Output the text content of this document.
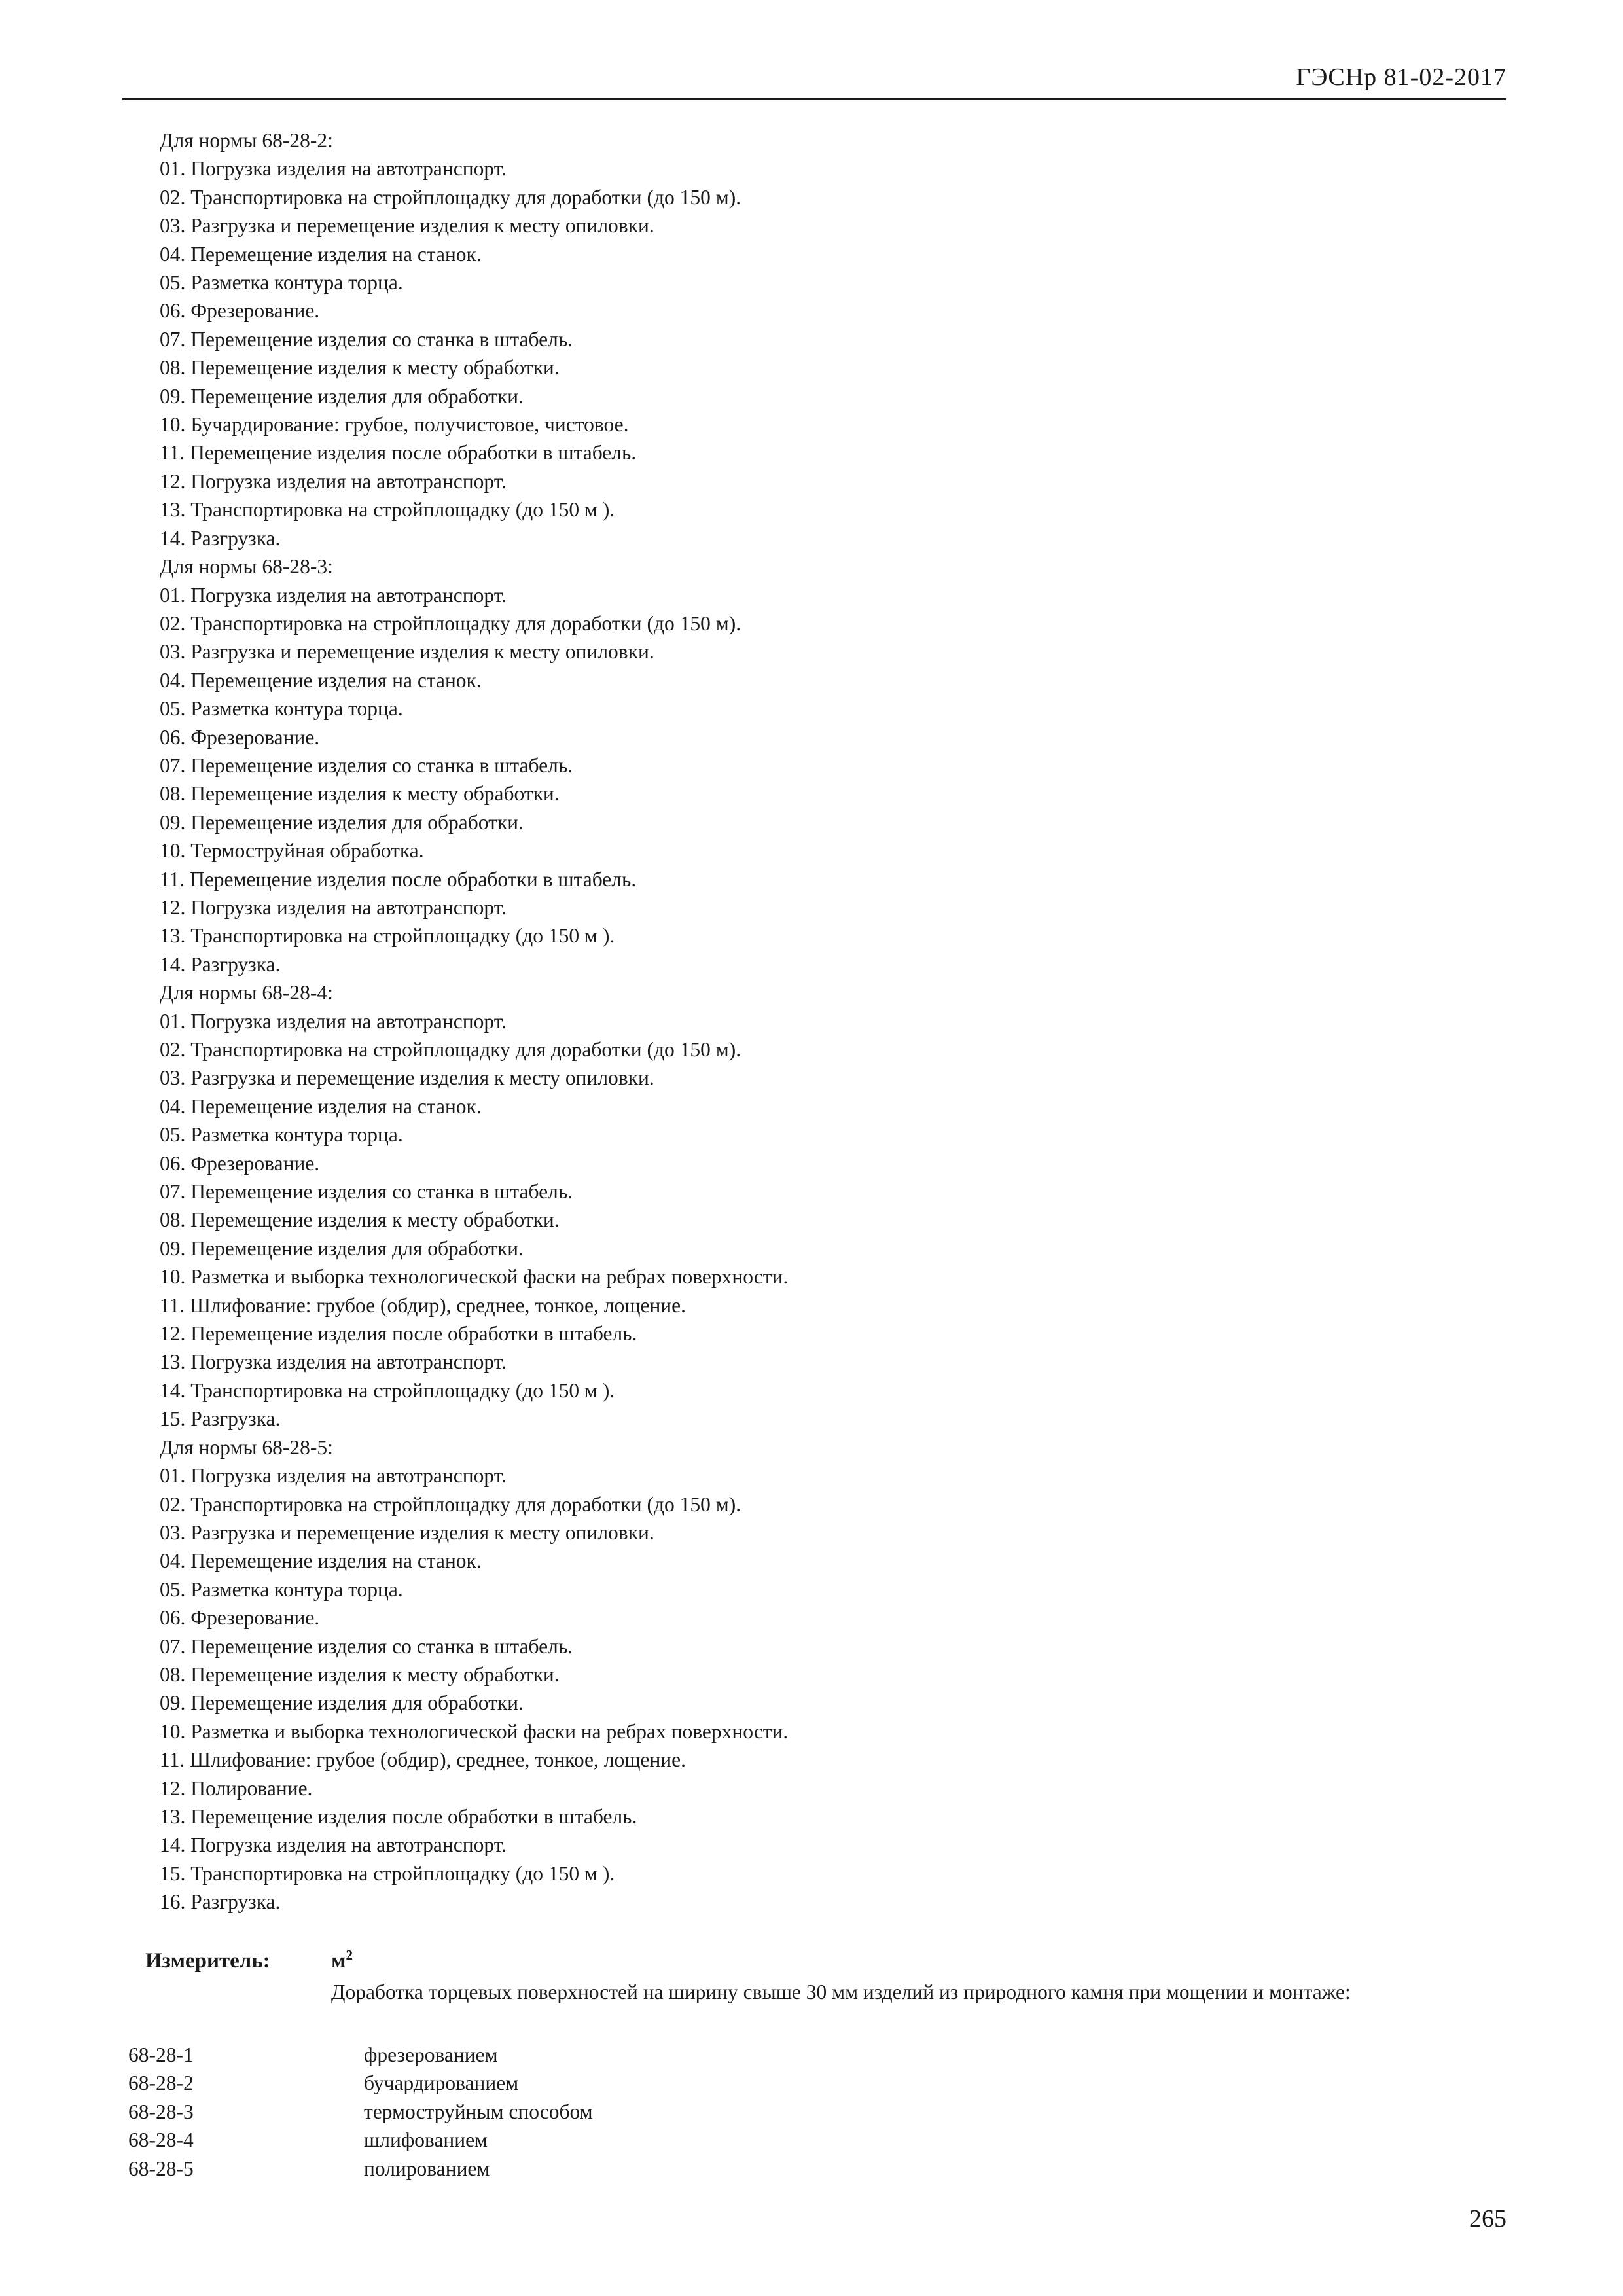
ГЭСНр 81-02-2017
Для нормы 68-28-2:
01. Погрузка изделия на автотранспорт.
02. Транспортировка на стройплощадку для доработки (до 150 м).
03. Разгрузка и перемещение изделия к месту опиловки.
04. Перемещение изделия на станок.
05. Разметка контура торца.
06. Фрезерование.
07. Перемещение изделия со станка в штабель.
08. Перемещение изделия к месту обработки.
09. Перемещение изделия для обработки.
10. Бучардирование: грубое, получистовое, чистовое.
11. Перемещение изделия после обработки в штабель.
12. Погрузка изделия на автотранспорт.
13. Транспортировка на стройплощадку (до 150 м ).
14. Разгрузка.
Для нормы 68-28-3:
01. Погрузка изделия на автотранспорт.
02. Транспортировка на стройплощадку для доработки (до 150 м).
03. Разгрузка и перемещение изделия к месту опиловки.
04. Перемещение изделия на станок.
05. Разметка контура торца.
06. Фрезерование.
07. Перемещение изделия со станка в штабель.
08. Перемещение изделия к месту обработки.
09. Перемещение изделия для обработки.
10. Термоструйная обработка.
11. Перемещение изделия после обработки в штабель.
12. Погрузка изделия на автотранспорт.
13. Транспортировка на стройплощадку (до 150 м ).
14. Разгрузка.
Для нормы 68-28-4:
01. Погрузка изделия на автотранспорт.
02. Транспортировка на стройплощадку для доработки (до 150 м).
03. Разгрузка и перемещение изделия к месту опиловки.
04. Перемещение изделия на станок.
05. Разметка контура торца.
06. Фрезерование.
07. Перемещение изделия со станка в штабель.
08. Перемещение изделия к месту обработки.
09. Перемещение изделия для обработки.
10. Разметка и выборка технологической фаски на ребрах поверхности.
11. Шлифование: грубое (обдир), среднее, тонкое, лощение.
12. Перемещение изделия после обработки в штабель.
13. Погрузка изделия на автотранспорт.
14. Транспортировка на стройплощадку (до 150 м ).
15. Разгрузка.
Для нормы 68-28-5:
01. Погрузка изделия на автотранспорт.
02. Транспортировка на стройплощадку для доработки (до 150 м).
03. Разгрузка и перемещение изделия к месту опиловки.
04. Перемещение изделия на станок.
05. Разметка контура торца.
06. Фрезерование.
07. Перемещение изделия со станка в штабель.
08. Перемещение изделия к месту обработки.
09. Перемещение изделия для обработки.
10. Разметка и выборка технологической фаски на ребрах поверхности.
11. Шлифование: грубое (обдир), среднее, тонкое, лощение.
12. Полирование.
13. Перемещение изделия после обработки в штабель.
14. Погрузка изделия на автотранспорт.
15. Транспортировка на стройплощадку (до 150 м ).
16. Разгрузка.
Измеритель:	$м^2$
Доработка торцевых поверхностей на ширину свыше 30 мм изделий из природного камня при мощении и монтаже:
68-28-1	фрезерованием
68-28-2	бучардированием
68-28-3	термоструйным способом
68-28-4	шлифованием
68-28-5	полированием
265
